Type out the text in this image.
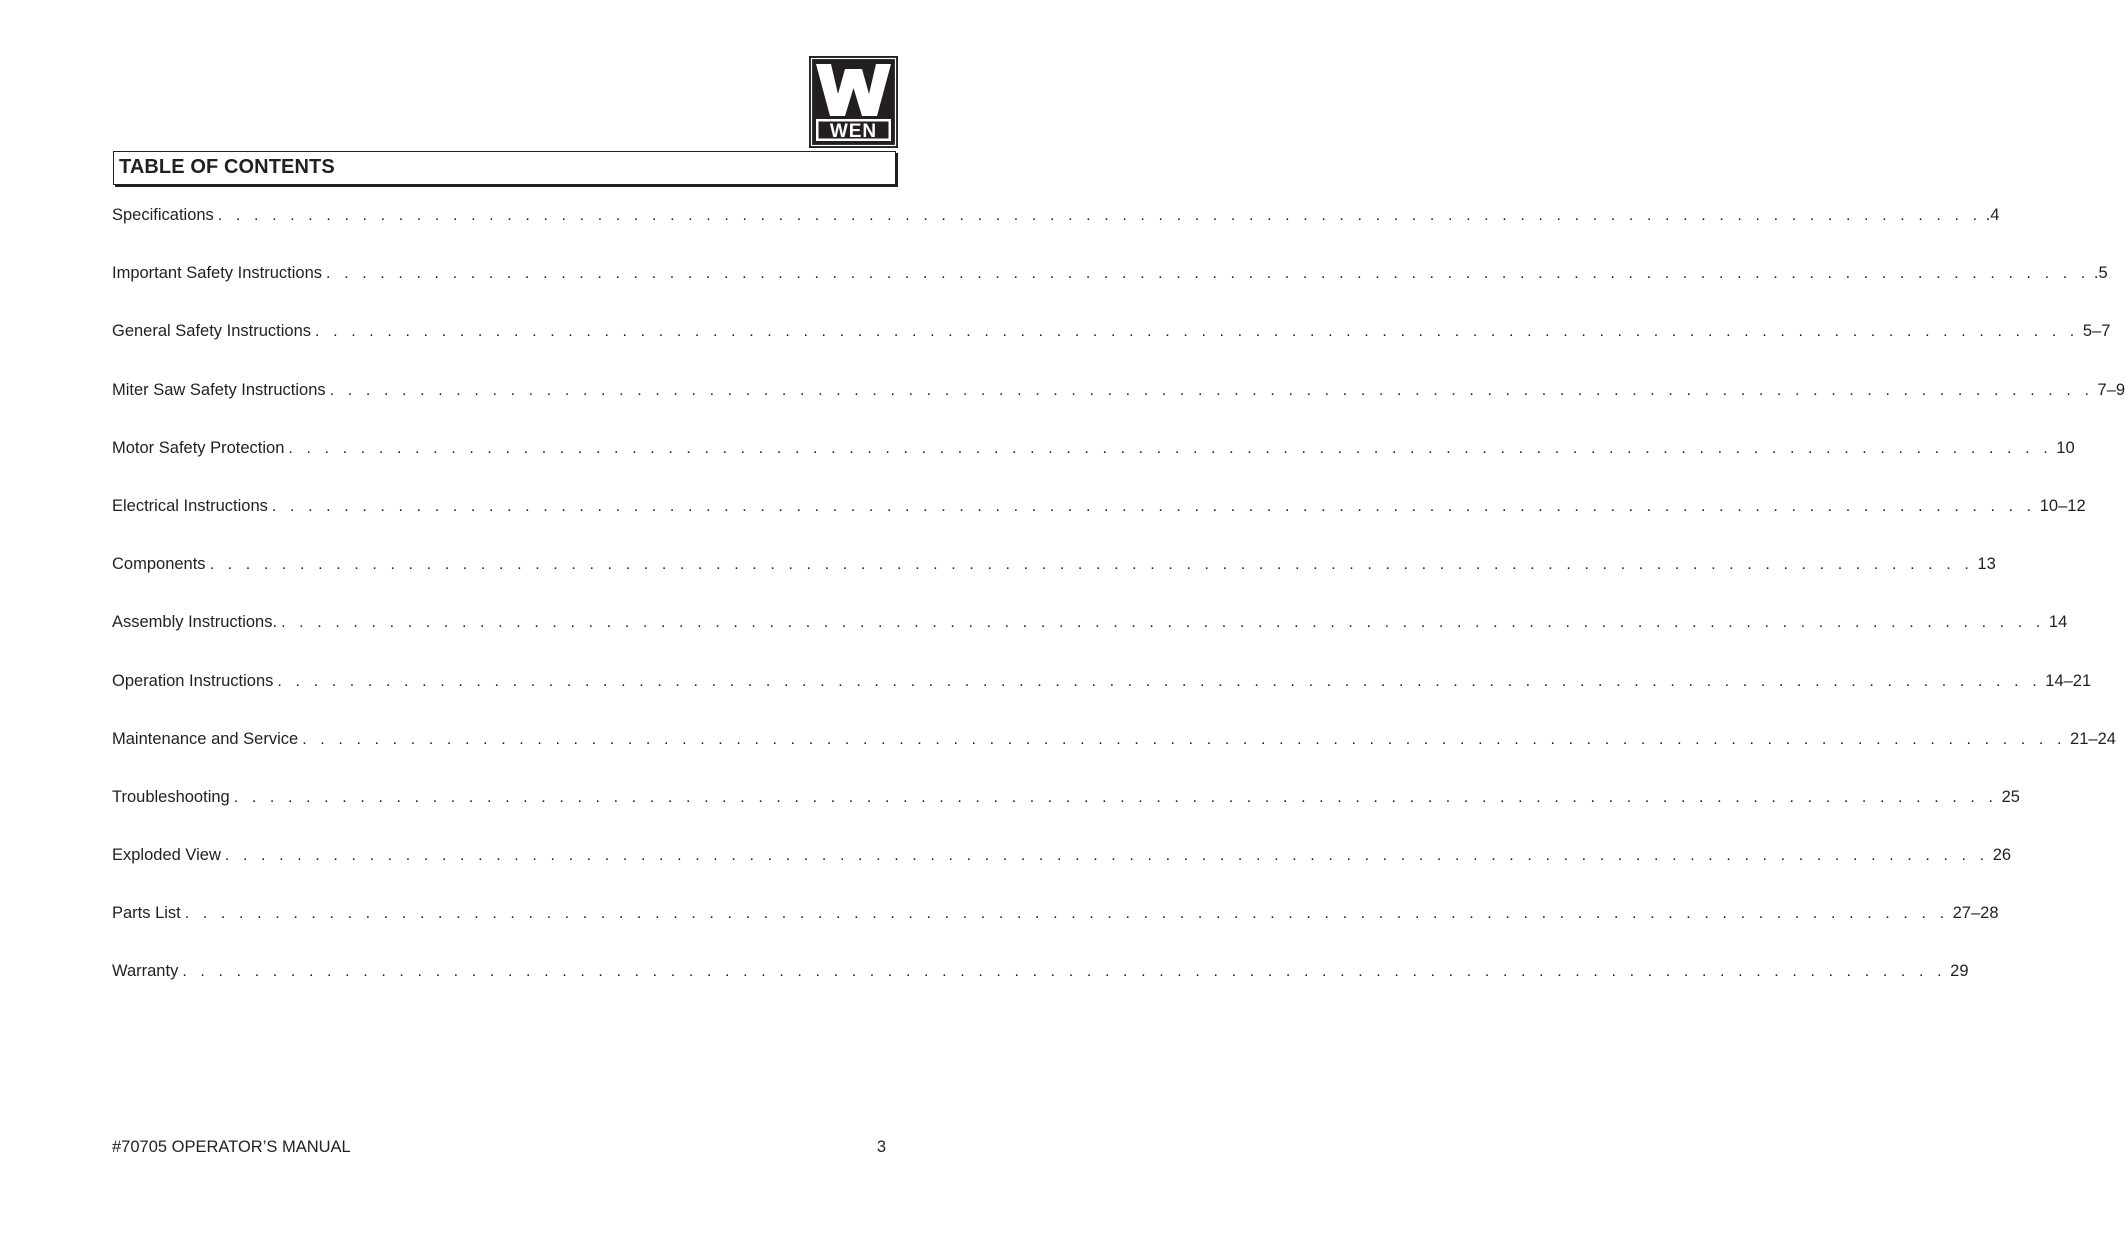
WEN
TABLE OF CONTENTS
Specifications . . . . . . . . . . . . . . . . . . . . . . . . . . . . . . . . . . . . . . . . . . . . . . . . . . . . . . . . . . . . . . . . . . . . . . . . . . . . . . . . . . . . . . . . . . . . . . . . . . .4
Important Safety Instructions . . . . . . . . . . . . . . . . . . . . . . . . . . . . . . . . . . . . . . . . . . . . . . . . . . . . . . . . . . . . . . . . . . . . . . . . . . . . . . . . . . . . . . . . . . . . . . . . . . .5
General Safety Instructions . . . . . . . . . . . . . . . . . . . . . . . . . . . . . . . . . . . . . . . . . . . . . . . . . . . . . . . . . . . . . . . . . . . . . . . . . . . . . . . . . . . . . . . . . . . . . . . . . . 5–7
Miter Saw Safety Instructions . . . . . . . . . . . . . . . . . . . . . . . . . . . . . . . . . . . . . . . . . . . . . . . . . . . . . . . . . . . . . . . . . . . . . . . . . . . . . . . . . . . . . . . . . . . . . . . . . . 7–9
Motor Safety Protection . . . . . . . . . . . . . . . . . . . . . . . . . . . . . . . . . . . . . . . . . . . . . . . . . . . . . . . . . . . . . . . . . . . . . . . . . . . . . . . . . . . . . . . . . . . . . . . . . . 10
Electrical Instructions . . . . . . . . . . . . . . . . . . . . . . . . . . . . . . . . . . . . . . . . . . . . . . . . . . . . . . . . . . . . . . . . . . . . . . . . . . . . . . . . . . . . . . . . . . . . . . . . . . 10–12
Components . . . . . . . . . . . . . . . . . . . . . . . . . . . . . . . . . . . . . . . . . . . . . . . . . . . . . . . . . . . . . . . . . . . . . . . . . . . . . . . . . . . . . . . . . . . . . . . . . . 13
Assembly Instructions. . . . . . . . . . . . . . . . . . . . . . . . . . . . . . . . . . . . . . . . . . . . . . . . . . . . . . . . . . . . . . . . . . . . . . . . . . . . . . . . . . . . . . . . . . . . . . . . . . . 14
Operation Instructions . . . . . . . . . . . . . . . . . . . . . . . . . . . . . . . . . . . . . . . . . . . . . . . . . . . . . . . . . . . . . . . . . . . . . . . . . . . . . . . . . . . . . . . . . . . . . . . . . . 14–21
Maintenance and Service . . . . . . . . . . . . . . . . . . . . . . . . . . . . . . . . . . . . . . . . . . . . . . . . . . . . . . . . . . . . . . . . . . . . . . . . . . . . . . . . . . . . . . . . . . . . . . . . . . 21–24
Troubleshooting . . . . . . . . . . . . . . . . . . . . . . . . . . . . . . . . . . . . . . . . . . . . . . . . . . . . . . . . . . . . . . . . . . . . . . . . . . . . . . . . . . . . . . . . . . . . . . . . . . 25
Exploded View . . . . . . . . . . . . . . . . . . . . . . . . . . . . . . . . . . . . . . . . . . . . . . . . . . . . . . . . . . . . . . . . . . . . . . . . . . . . . . . . . . . . . . . . . . . . . . . . . . 26
Parts List . . . . . . . . . . . . . . . . . . . . . . . . . . . . . . . . . . . . . . . . . . . . . . . . . . . . . . . . . . . . . . . . . . . . . . . . . . . . . . . . . . . . . . . . . . . . . . . . . . 27–28
Warranty . . . . . . . . . . . . . . . . . . . . . . . . . . . . . . . . . . . . . . . . . . . . . . . . . . . . . . . . . . . . . . . . . . . . . . . . . . . . . . . . . . . . . . . . . . . . . . . . . . 29
#70705 OPERATOR’S MANUAL	3
